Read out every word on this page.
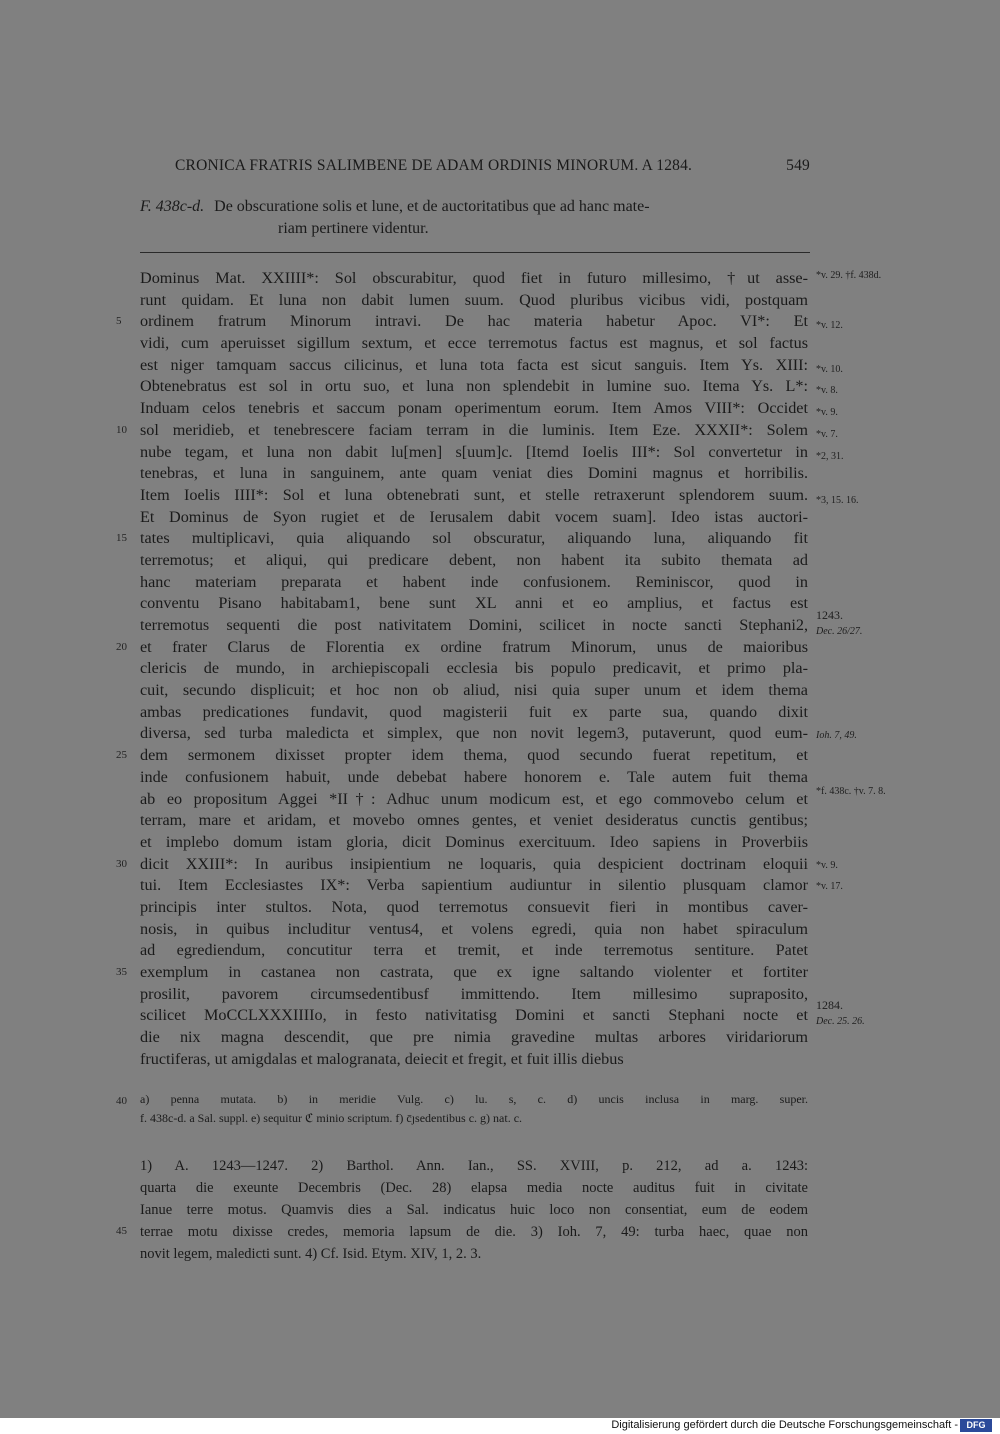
CRONICA FRATRIS SALIMBENE DE ADAM ORDINIS MINORUM. A 1284.	549
F. 438c-d. De obscuratione solis et lune, et de auctoritatibus que ad hanc mate-
riam pertinere videntur.
Dominus Mat. XXIIII*: Sol obscurabitur, quod fiet in futuro millesimo, †ut asse-
runt quidam. Et luna non dabit lumen suum. Quod pluribus vicibus vidi, postquam
ordinem fratrum Minorum intravi. De hac materia habetur Apoc. VI*: Et
vidi, cum aperuisset sigillum sextum, et ecce terremotus factus est magnus, et sol factus
est niger tamquam saccus cilicinus, et luna tota facta est sicut sanguis. Item Ys. XIII:
Obtenebratus est sol in ortu suo, et luna non splendebit in lumine suo. Itema Ys. L*:
Induam celos tenebris et saccum ponam operimentum eorum. Item Amos VIII*: Occidet
sol meridieb, et tenebrescere faciam terram in die luminis. Item Eze. XXXII*: Solem
nube tegam, et luna non dabit lu[men] s[uum]c. [Itemd Ioelis III*: Sol convertetur in
tenebras, et luna in sanguinem, ante quam veniat dies Domini magnus et horribilis.
Item Ioelis IIII*: Sol et luna obtenebrati sunt, et stelle retraxerunt splendorem suum.
Et Dominus de Syon rugiet et de Ierusalem dabit vocem suam]. Ideo istas auctori-
tates multiplicavi, quia aliquando sol obscuratur, aliquando luna, aliquando fit
terremotus; et aliqui, qui predicare debent, non habent ita subito themata ad
hanc materiam preparata et habent inde confusionem. Reminiscor, quod in
conventu Pisano habitabam1, bene sunt XL anni et eo amplius, et factus est
terremotus sequenti die post nativitatem Domini, scilicet in nocte sancti Stephani2,
et frater Clarus de Florentia ex ordine fratrum Minorum, unus de maioribus
clericis de mundo, in archiepiscopali ecclesia bis populo predicavit, et primo pla-
cuit, secundo displicuit; et hoc non ob aliud, nisi quia super unum et idem thema
ambas predicationes fundavit, quod magisterii fuit ex parte sua, quando dixit
diversa, sed turba maledicta et simplex, que non novit legem3, putaverunt, quod eum-
dem sermonem dixisset propter idem thema, quod secundo fuerat repetitum, et
inde confusionem habuit, unde debebat habere honorem e. Tale autem fuit thema
ab eo propositum Aggei *II†: Adhuc unum modicum est, et ego commovebo celum et
terram, mare et aridam, et movebo omnes gentes, et veniet desideratus cunctis gentibus;
et implebo domum istam gloria, dicit Dominus exercituum. Ideo sapiens in Proverbiis
dicit XXIII*: In auribus insipientium ne loquaris, quia despicient doctrinam eloquii
tui. Item Ecclesiastes IX*: Verba sapientium audiuntur in silentio plusquam clamor
principis inter stultos. Nota, quod terremotus consuevit fieri in montibus caver-
nosis, in quibus includitur ventus4, et volens egredi, quia non habet spiraculum
ad egrediendum, concutitur terra et tremit, et inde terremotus sentiture. Patet
exemplum in castanea non castrata, que ex igne saltando violenter et fortiter
prosilit, pavorem circumsedentibusf immittendo. Item millesimo supraposito,
scilicet MoCCLXXXIIIIo, in festo nativitatisg Domini et sancti Stephani nocte et
die nix magna descendit, que pre nimia gravedine multas arbores viridariorum
fructiferas, ut amigdalas et malogranata, deiecit et fregit, et fuit illis diebus
5
10
15
20
25
30
35
40
45
*v. 29. †f. 438d.
*v. 12.
*v. 10.
*v. 8.
*v. 9.
*v. 7.
*2, 31.
*3, 15. 16.
1243.
Dec. 26/27.
Ioh. 7, 49.
*f. 438c. †v. 7. 8.
*v. 9.
*v. 17.
1284.
Dec. 25. 26.
a) penna mutata. b) in meridie Vulg. c) lu. s, c. d) uncis inclusa in marg. super.
f. 438c-d. a Sal. suppl. e) sequitur ℭ minio scriptum. f) c̄ȷsedentibus c. g) nat. c.
1) A. 1243—1247. 2) Barthol. Ann. Ian., SS. XVIII, p. 212, ad a. 1243:
quarta die exeunte Decembris (Dec. 28) elapsa media nocte auditus fuit in civitate
Ianue terre motus. Quamvis dies a Sal. indicatus huic loco non consentiat, eum de eodem
terrae motu dixisse credes, memoria lapsum de die. 3) Ioh. 7, 49: turba haec, quae non
novit legem, maledicti sunt. 4) Cf. Isid. Etym. XIV, 1, 2. 3.
Digitalisierung gefördert durch die Deutsche Forschungsgemeinschaft - DFG
